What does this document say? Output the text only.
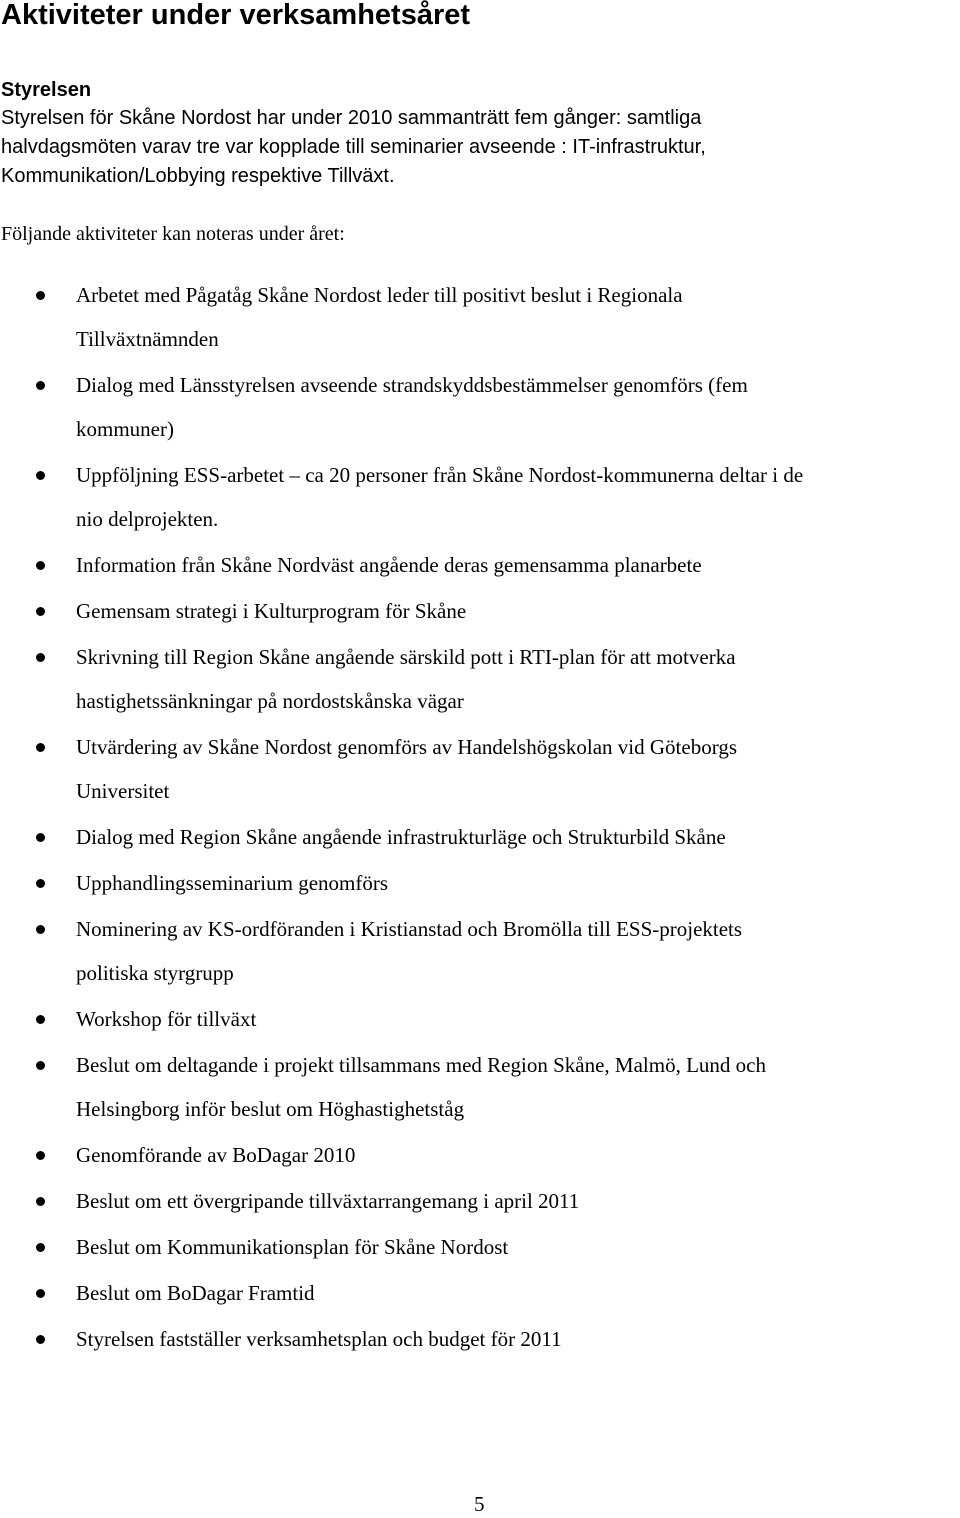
Aktiviteter under verksamhetsåret
Styrelsen

Styrelsen för Skåne Nordost har under 2010 sammanträtt fem gånger: samtliga
halvdagsmöten varav tre var kopplade till seminarier avseende : IT-infrastruktur,
Kommunikation/Lobbying respektive Tillväxt.

Följande aktiviteter kan noteras under året:

Arbetet med Pågatåg Skåne Nordost leder till positivt beslut i Regionala
Tillväxtnämnden
Dialog med Länsstyrelsen avseende strandskyddsbestämmelser genomförs (fem
kommuner)
Uppföljning ESS-arbetet – ca 20 personer från Skåne Nordost-kommunerna deltar i de
nio delprojekten.
Information från Skåne Nordväst angående deras gemensamma planarbete
Gemensam strategi i Kulturprogram för Skåne
Skrivning till Region Skåne angående särskild pott i RTI-plan för att motverka
hastighetssänkningar på nordostskånska vägar
Utvärdering av Skåne Nordost genomförs av Handelshögskolan vid Göteborgs
Universitet
Dialog med Region Skåne angående infrastrukturläge och Strukturbild Skåne
Upphandlingsseminarium genomförs
Nominering av KS-ordföranden i Kristianstad och Bromölla till ESS-projektets
politiska styrgrupp
Workshop för tillväxt
Beslut om deltagande i projekt tillsammans med Region Skåne, Malmö, Lund och
Helsingborg inför beslut om Höghastighetståg
Genomförande av BoDagar 2010
Beslut om ett övergripande tillväxtarrangemang i april 2011
Beslut om Kommunikationsplan för Skåne Nordost
Beslut om BoDagar Framtid
Styrelsen fastställer verksamhetsplan och budget för 2011
5
